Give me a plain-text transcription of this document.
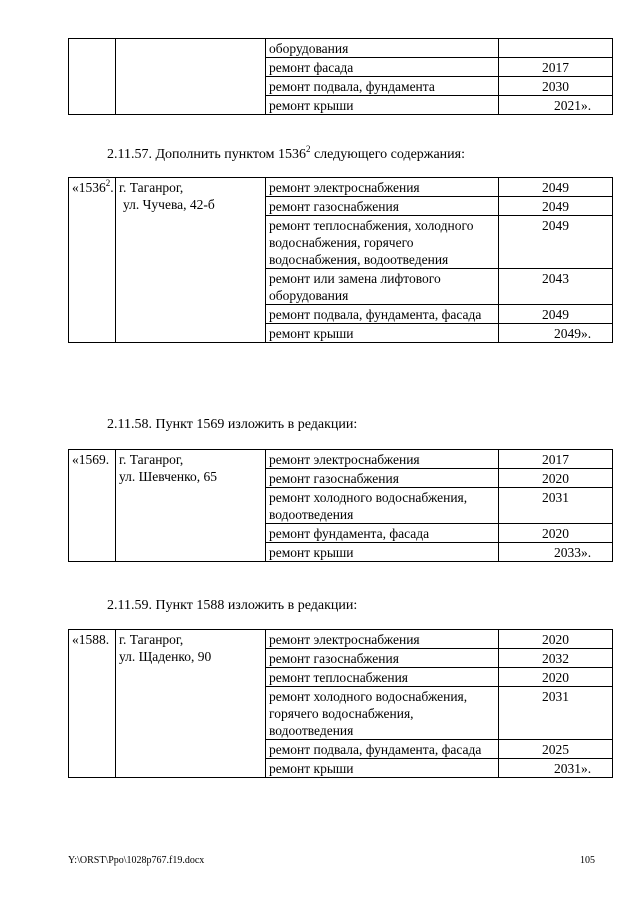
		оборудования	
		ремонт фасада	2017
		ремонт подвала, фундамента	2030
		ремонт крыши	2021».
2.11.57. Дополнить пунктом 1536$^2$ следующего содержания:
«1536$^2$.	г. Таганрог,
ул. Чучева, 42-б	ремонт электроснабжения	2049
		ремонт газоснабжения	2049
		ремонт теплоснабжения, холодного водоснабжения, горячего водоснабжения, водоотведения	2049
		ремонт или замена лифтового оборудования	2043
		ремонт подвала, фундамента, фасада	2049
		ремонт крыши	2049».
2.11.58. Пункт 1569 изложить в редакции:
«1569.	г. Таганрог,
ул. Шевченко, 65	ремонт электроснабжения	2017
		ремонт газоснабжения	2020
		ремонт холодного водоснабжения, водоотведения	2031
		ремонт фундамента, фасада	2020
		ремонт крыши	2033».
2.11.59. Пункт 1588 изложить в редакции:
«1588.	г. Таганрог,
ул. Щаденко, 90	ремонт электроснабжения	2020
		ремонт газоснабжения	2032
		ремонт теплоснабжения	2020
		ремонт холодного водоснабжения, горячего водоснабжения, водоотведения	2031
		ремонт подвала, фундамента, фасада	2025
		ремонт крыши	2031».
Y:\ORST\Ppo\1028p767.f19.docx	105
